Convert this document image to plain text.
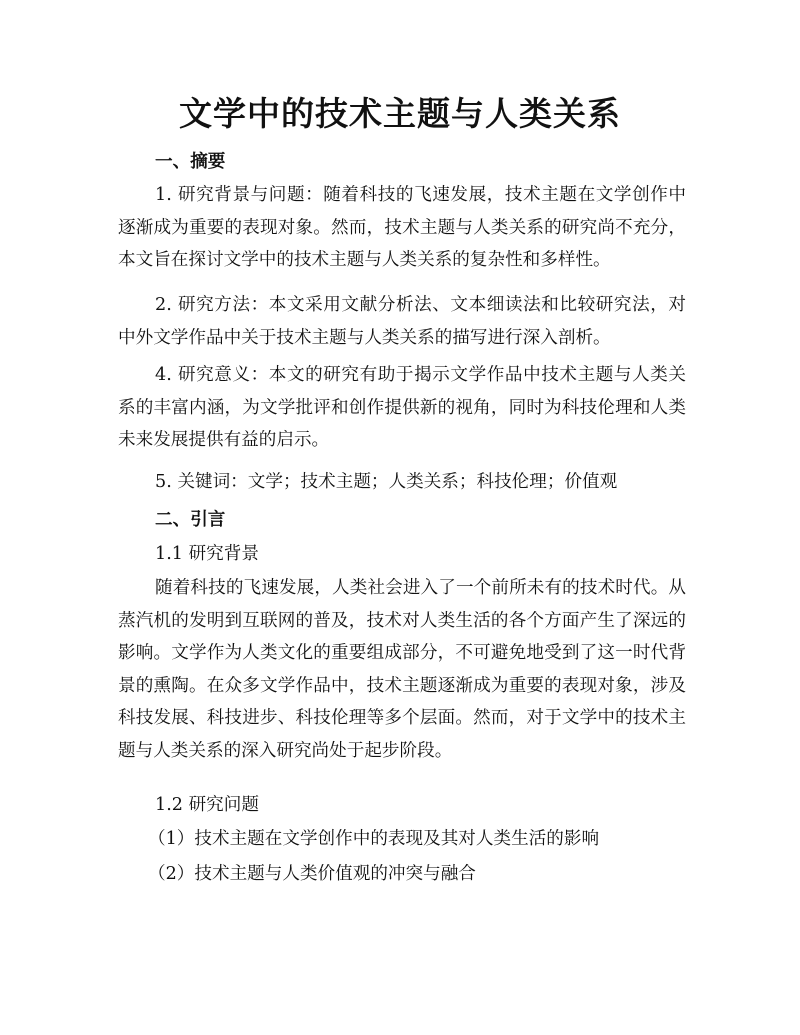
文学中的技术主题与人类关系
一、摘要

1. 研究背景与问题：随着科技的飞速发展，技术主题在文学创作中逐渐成为重要的表现对象。然而，技术主题与人类关系的研究尚不充分，本文旨在探讨文学中的技术主题与人类关系的复杂性和多样性。

2. 研究方法：本文采用文献分析法、文本细读法和比较研究法，对中外文学作品中关于技术主题与人类关系的描写进行深入剖析。

4. 研究意义：本文的研究有助于揭示文学作品中技术主题与人类关系的丰富内涵，为文学批评和创作提供新的视角，同时为科技伦理和人类未来发展提供有益的启示。

5. 关键词：文学；技术主题；人类关系；科技伦理；价值观
二、引言
1.1 研究背景

随着科技的飞速发展，人类社会进入了一个前所未有的技术时代。从蒸汽机的发明到互联网的普及，技术对人类生活的各个方面产生了深远的影响。文学作为人类文化的重要组成部分，不可避免地受到了这一时代背景的熏陶。在众多文学作品中，技术主题逐渐成为重要的表现对象，涉及科技发展、科技进步、科技伦理等多个层面。然而，对于文学中的技术主题与人类关系的深入研究尚处于起步阶段。

1.2 研究问题
（1）技术主题在文学创作中的表现及其对人类生活的影响
（2）技术主题与人类价值观的冲突与融合
